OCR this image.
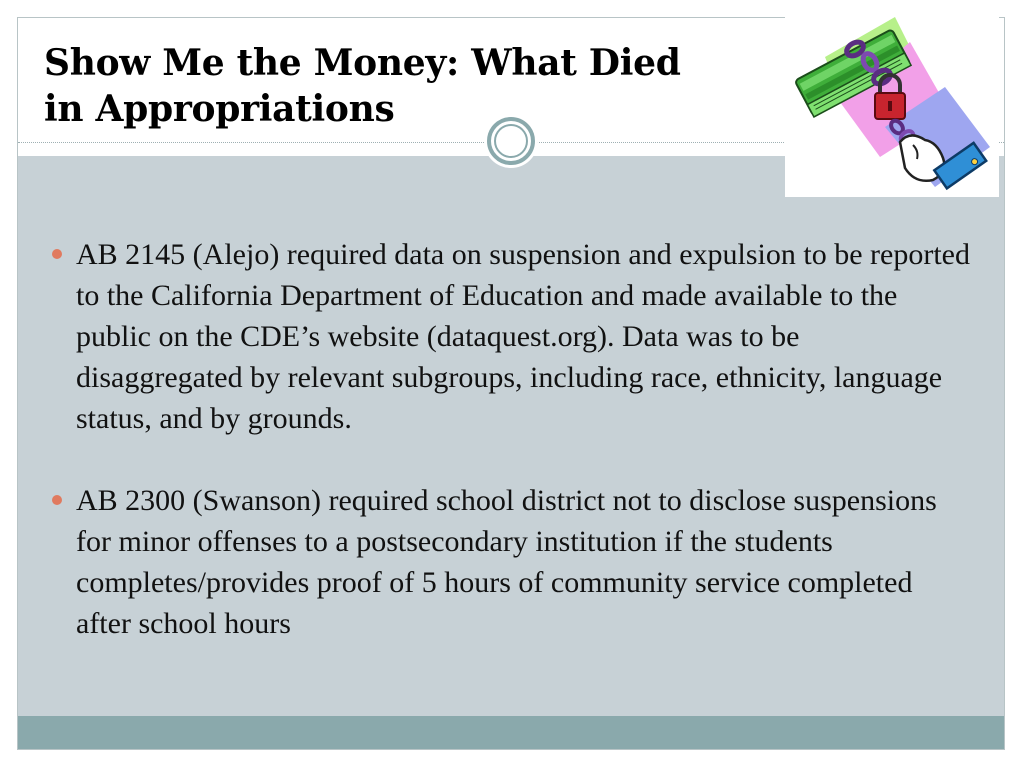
Show Me the Money: What Died
in Appropriations
AB 2145 (Alejo) required data on suspension and expulsion to be reported to the California Department of Education and made available to the public on the CDE’s website (dataquest.org). Data was to be disaggregated by relevant subgroups, including race, ethnicity, language status, and by grounds.
AB 2300 (Swanson) required school district not to disclose suspensions for minor offenses to a postsecondary institution if the students completes/provides proof of 5 hours of community service completed after school hours
